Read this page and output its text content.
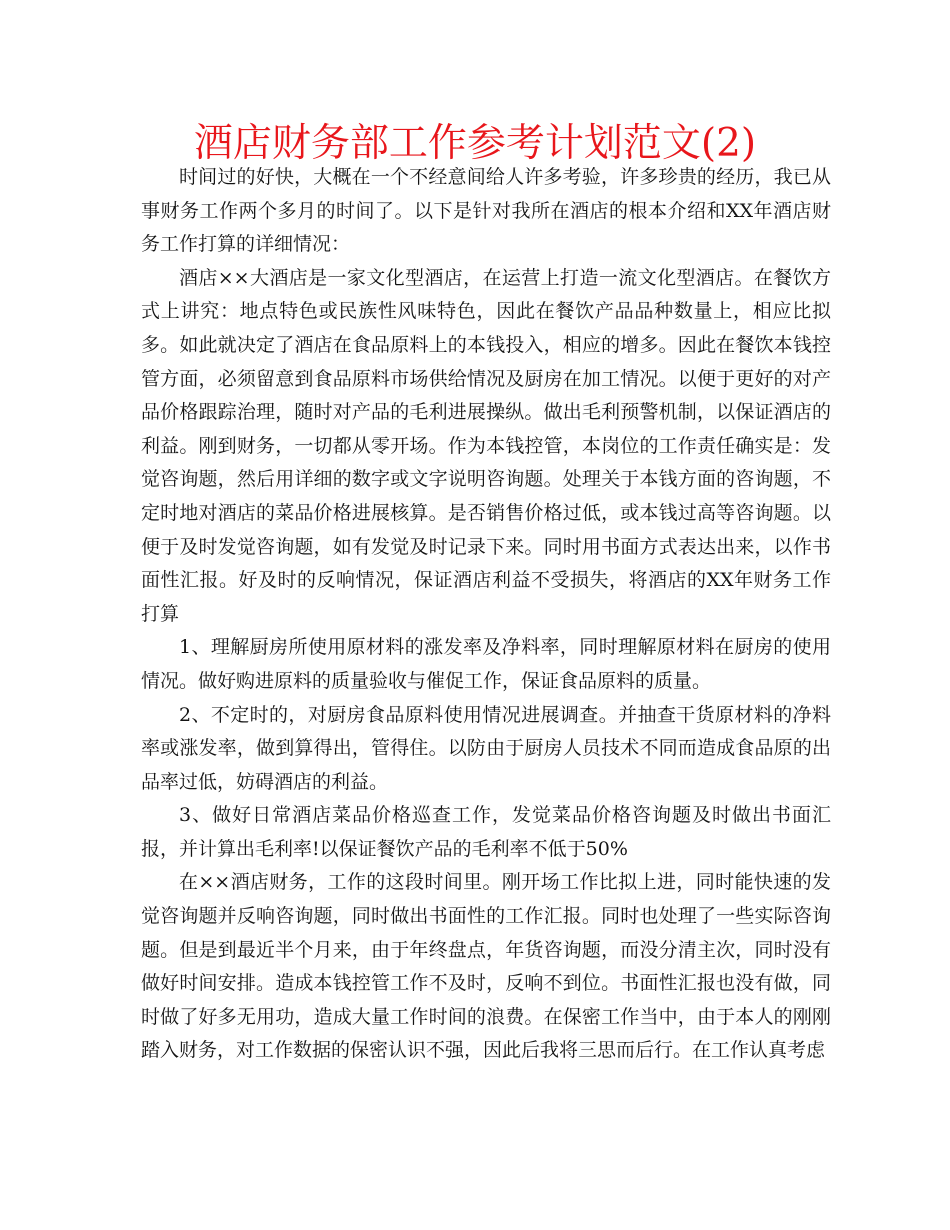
酒店财务部工作参考计划范文(2)

时间过的好快，大概在一个不经意间给人许多考验，许多珍贵的经历，我已从事财务工作两个多月的时间了。以下是针对我所在酒店的根本介绍和XX年酒店财务工作打算的详细情况：

酒店××大酒店是一家文化型酒店，在运营上打造一流文化型酒店。在餐饮方式上讲究：地点特色或民族性风味特色，因此在餐饮产品品种数量上，相应比拟多。如此就决定了酒店在食品原料上的本钱投入，相应的增多。因此在餐饮本钱控管方面，必须留意到食品原料市场供给情况及厨房在加工情况。以便于更好的对产品价格跟踪治理，随时对产品的毛利进展操纵。做出毛利预警机制，以保证酒店的利益。刚到财务，一切都从零开场。作为本钱控管，本岗位的工作责任确实是：发觉咨询题，然后用详细的数字或文字说明咨询题。处理关于本钱方面的咨询题，不定时地对酒店的菜品价格进展核算。是否销售价格过低，或本钱过高等咨询题。以便于及时发觉咨询题，如有发觉及时记录下来。同时用书面方式表达出来，以作书面性汇报。好及时的反响情况，保证酒店利益不受损失，将酒店的XX年财务工作打算

1、理解厨房所使用原材料的涨发率及净料率，同时理解原材料在厨房的使用情况。做好购进原料的质量验收与催促工作，保证食品原料的质量。

2、不定时的，对厨房食品原料使用情况进展调查。并抽查干货原材料的净料率或涨发率，做到算得出，管得住。以防由于厨房人员技术不同而造成食品原的出品率过低，妨碍酒店的利益。

3、做好日常酒店菜品价格巡查工作，发觉菜品价格咨询题及时做出书面汇报，并计算出毛利率!以保证餐饮产品的毛利率不低于50%

在××酒店财务，工作的这段时间里。刚开场工作比拟上进，同时能快速的发觉咨询题并反响咨询题，同时做出书面性的工作汇报。同时也处理了一些实际咨询题。但是到最近半个月来，由于年终盘点，年货咨询题，而没分清主次，同时没有做好时间安排。造成本钱控管工作不及时，反响不到位。书面性汇报也没有做，同时做了好多无用功，造成大量工作时间的浪费。在保密工作当中，由于本人的刚刚踏入财务，对工作数据的保密认识不强，因此后我将三思而后行。在工作认真考虑
